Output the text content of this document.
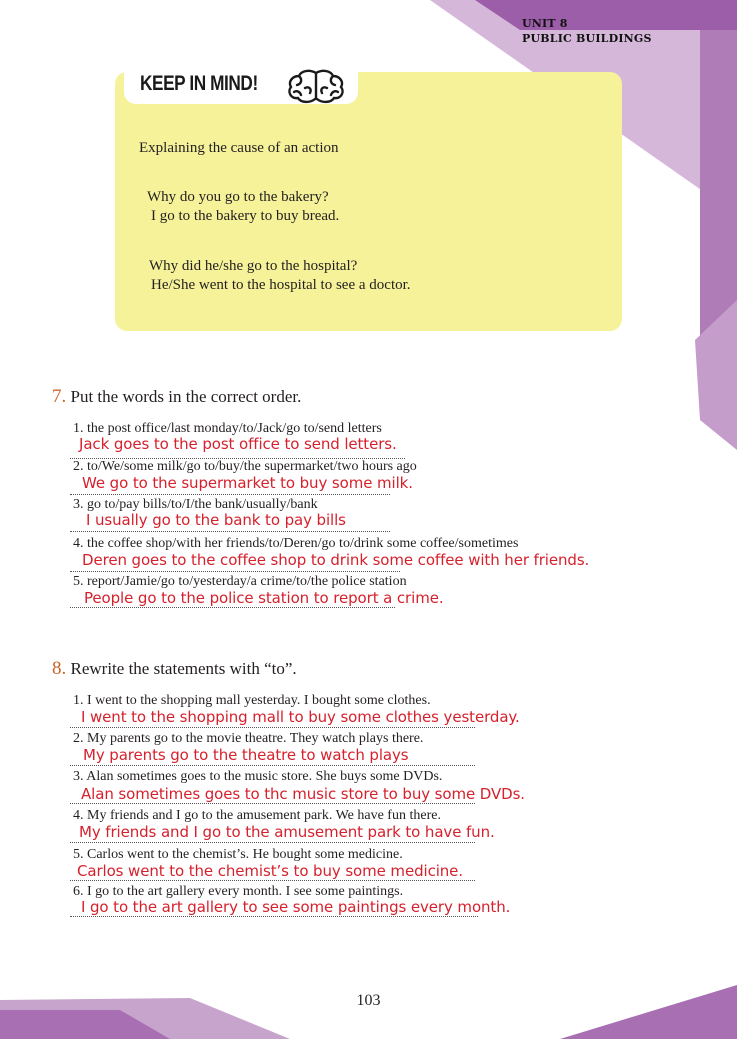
UNIT 8
PUBLIC BUILDINGS
KEEP IN MIND!
Explaining the cause of an action
Why do you go to the bakery?
I go to the bakery to buy bread.
Why did he/she go to the hospital?
He/She went to the hospital to see a doctor.
7. Put the words in the correct order.
1. the post office/last monday/to/Jack/go to/send letters
Jack goes to the post office to send letters.
2. to/We/some milk/go to/buy/the supermarket/two hours ago
We go to the supermarket to buy some milk.
3. go to/pay bills/to/I/the bank/usually/bank
I usually go to the bank to pay bills
4. the coffee shop/with her friends/to/Deren/go to/drink some coffee/sometimes
Deren goes to the coffee shop to drink some coffee with her friends.
5. report/Jamie/go to/yesterday/a crime/to/the police station
People go to the police station to report a crime.
8. Rewrite the statements with “to”.
1. I went to the shopping mall yesterday. I bought some clothes.
I went to the shopping mall to buy some clothes yesterday.
2. My parents go to the movie theatre. They watch plays there.
My parents go to the theatre to watch plays
3. Alan sometimes goes to the music store. She buys some DVDs.
Alan sometimes goes to thc music store to buy some DVDs.
4. My friends and I go to the amusement park. We have fun there.
My friends and I go to the amusement park to have fun.
5. Carlos went to the chemist’s. He bought some medicine.
Carlos went to the chemist’s to buy some medicine.
6. I go to the art gallery every month. I see some paintings.
I go to the art gallery to see some paintings every month.
103
